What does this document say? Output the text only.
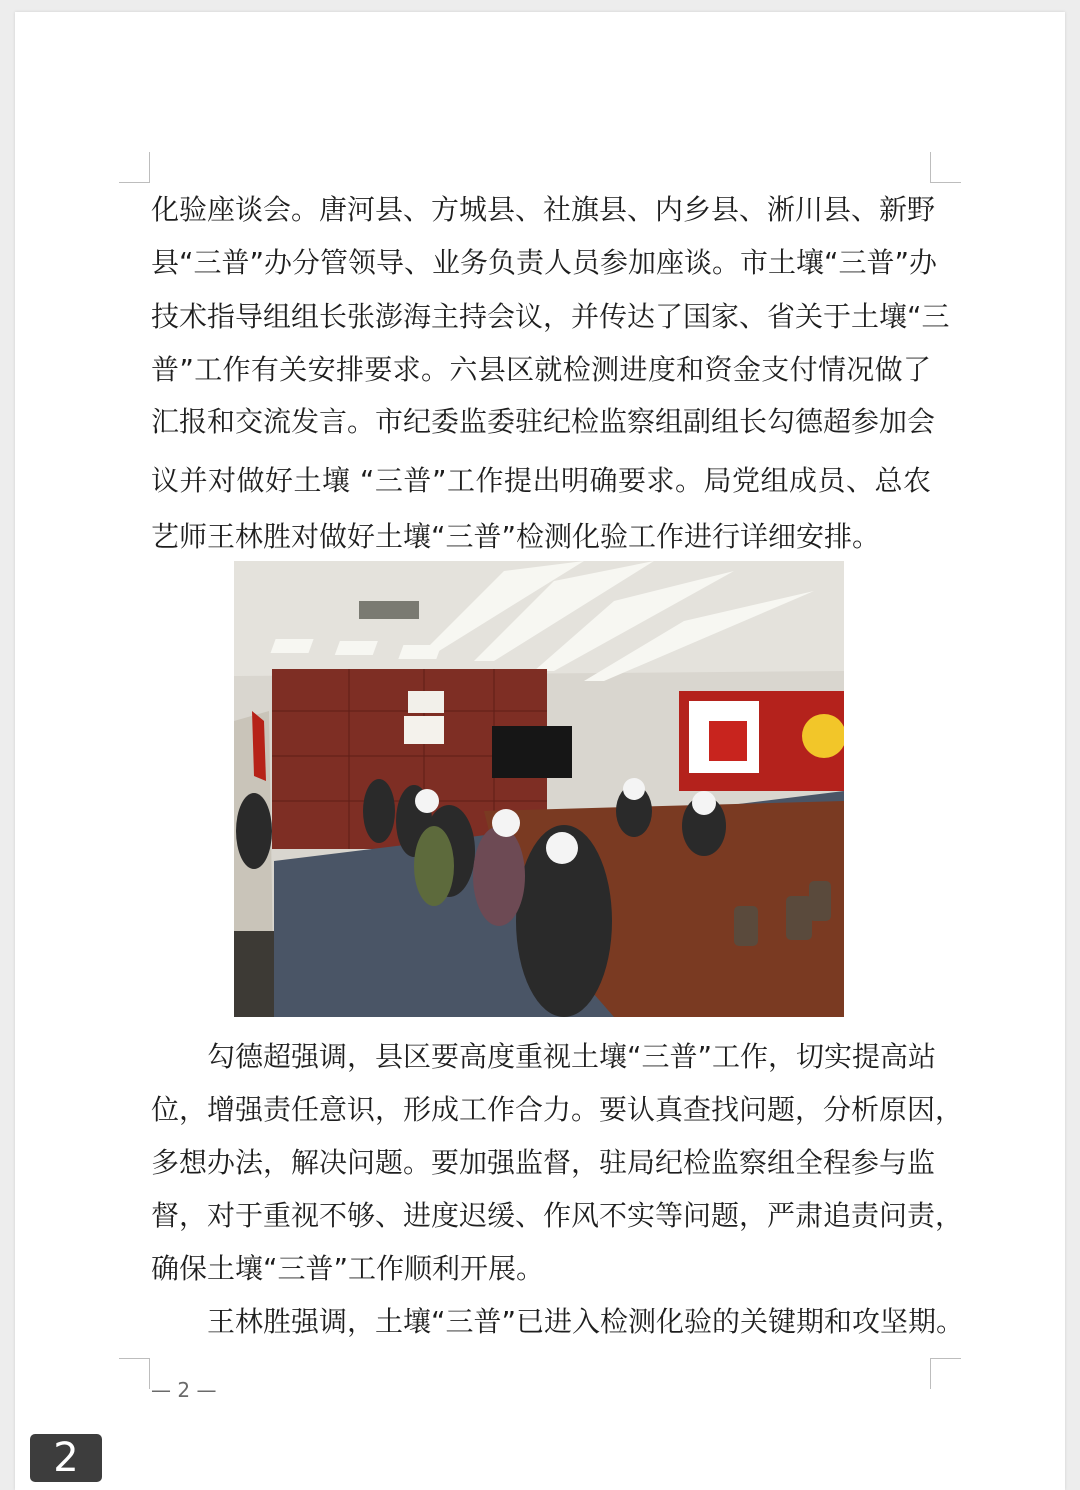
化验座谈会。唐河县、方城县、社旗县、内乡县、淅川县、新野
县“三普”办分管领导、业务负责人员参加座谈。市土壤“三普”办
技术指导组组长张澎海主持会议，并传达了国家、省关于土壤“三
普”工作有关安排要求。六县区就检测进度和资金支付情况做了
汇报和交流发言。市纪委监委驻纪检监察组副组长勾德超参加会
议并对做好土壤 “三普”工作提出明确要求。局党组成员、总农
艺师王林胜对做好土壤“三普”检测化验工作进行详细安排。
勾德超强调，县区要高度重视土壤“三普”工作，切实提高站
位，增强责任意识，形成工作合力。要认真查找问题，分析原因，
多想办法，解决问题。要加强监督，驻局纪检监察组全程参与监
督，对于重视不够、进度迟缓、作风不实等问题，严肃追责问责，
确保土壤“三普”工作顺利开展。
王林胜强调，土壤“三普”已进入检测化验的关键期和攻坚期。
— 2 —
2
